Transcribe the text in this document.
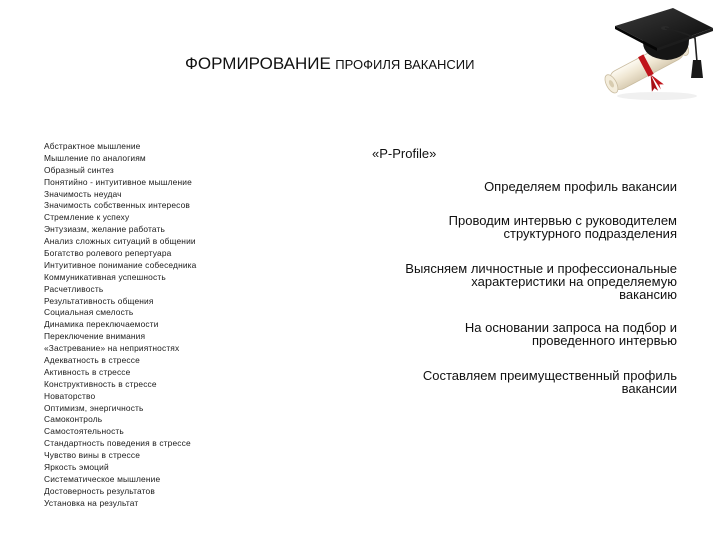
ФОРМИРОВАНИЕ ПРОФИЛЯ ВАКАНСИИ
Абстрактное мышление
Мышление по аналогиям
Образный синтез
Понятийно - интуитивное мышление
Значимость неудач
Значимость собственных интересов
Стремление к успеху
Энтузиазм, желание работать
Анализ сложных ситуаций в общении
Богатство ролевого репертуара
Интуитивное понимание собеседника
Коммуникативная успешность
Расчетливость
Результативность общения
Социальная смелость
Динамика переключаемости
Переключение внимания
«Застревание» на неприятностях
Адекватность в стрессе
Активность в стрессе
Конструктивность в стрессе
Новаторство
Оптимизм, энергичность
Самоконтроль
Самостоятельность
Стандартность поведения в стрессе
Чувство вины в стрессе
Яркость эмоций
Систематическое мышление
Достоверность результатов
Установка на результат
«P-Profile»
Определяем профиль вакансии
Проводим интервью с руководителем
структурного подразделения
Выясняем личностные и профессиональные
характеристики на определяемую
вакансию
На основании запроса на подбор и
проведенного интервью
Составляем преимущественный профиль
вакансии
